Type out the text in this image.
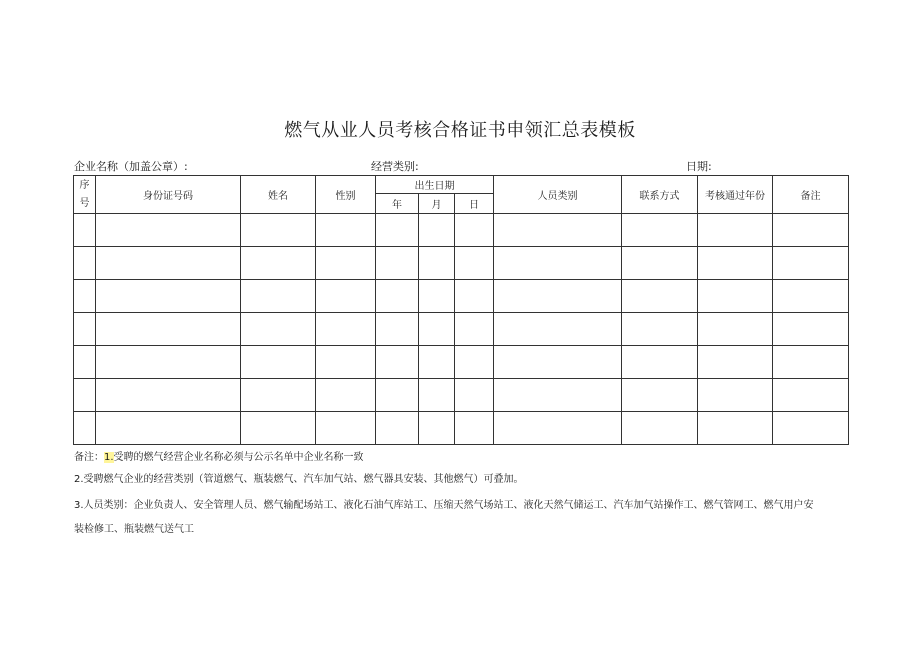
燃气从业人员考核合格证书申领汇总表模板
企业名称（加盖公章）:	经营类别:	日期:
序
号	身份证号码	姓名	性别	出生日期			人员类别	联系方式	考核通过年份	备注
				年	月	日				

备注：1.受聘的燃气经营企业名称必须与公示名单中企业名称一致
2.受聘燃气企业的经营类别（管道燃气、瓶装燃气、汽车加气站、燃气器具安装、其他燃气）可叠加。
3.人员类别：企业负责人、安全管理人员、燃气输配场站工、液化石油气库站工、压缩天然气场站工、液化天然气储运工、汽车加气站操作工、燃气管网工、燃气用户安装检修工、瓶装燃气送气工
